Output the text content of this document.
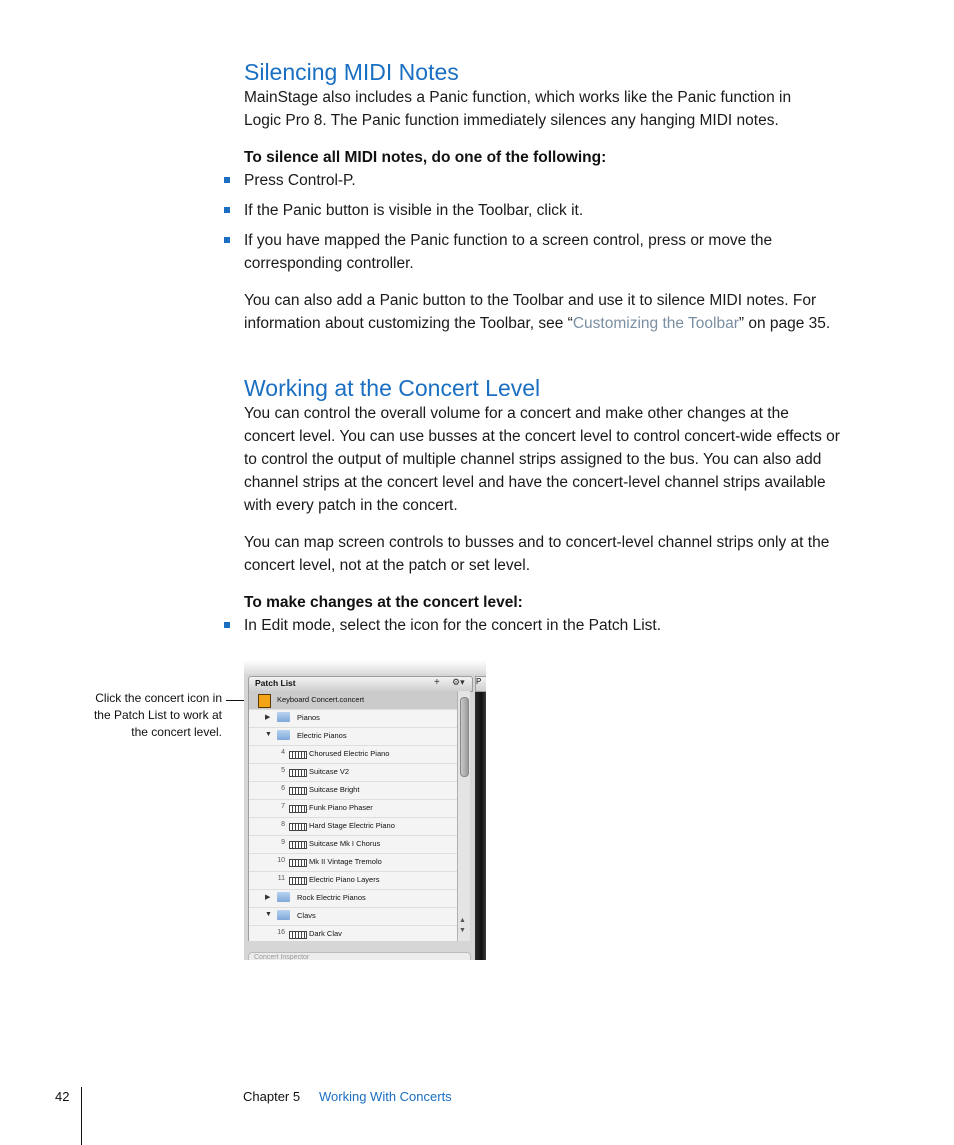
Silencing MIDI Notes

MainStage also includes a Panic function, which works like the Panic function in
Logic Pro 8. The Panic function immediately silences any hanging MIDI notes.

To silence all MIDI notes, do one of the following:

Press Control-P.
If the Panic button is visible in the Toolbar, click it.
If you have mapped the Panic function to a screen control, press or move the
corresponding controller.

You can also add a Panic button to the Toolbar and use it to silence MIDI notes. For
information about customizing the Toolbar, see “Customizing the Toolbar” on page 35.

Working at the Concert Level

You can control the overall volume for a concert and make other changes at the
concert level. You can use busses at the concert level to control concert-wide effects or
to control the output of multiple channel strips assigned to the bus. You can also add
channel strips at the concert level and have the concert-level channel strips available
with every patch in the concert.

You can map screen controls to busses and to concert-level channel strips only at the
concert level, not at the patch or set level.

To make changes at the concert level:

In Edit mode, select the icon for the concert in the Patch List.
Click the concert icon in
the Patch List to work at
the concert level.
Patch List	+ ⚙▾ P
Keyboard Concert.concert
▶	Pianos
▼	Electric Pianos
4	Chorused Electric Piano
5	Suitcase V2
6	Suitcase Bright
7	Funk Piano Phaser
8	Hard Stage Electric Piano
9	Suitcase Mk I Chorus
10	Mk II Vintage Tremolo
11	Electric Piano Layers
▶	Rock Electric Pianos
▼	Clavs
16	Dark Clav
▲
▼
Concert Inspector
42	Chapter 5 Working With Concerts
